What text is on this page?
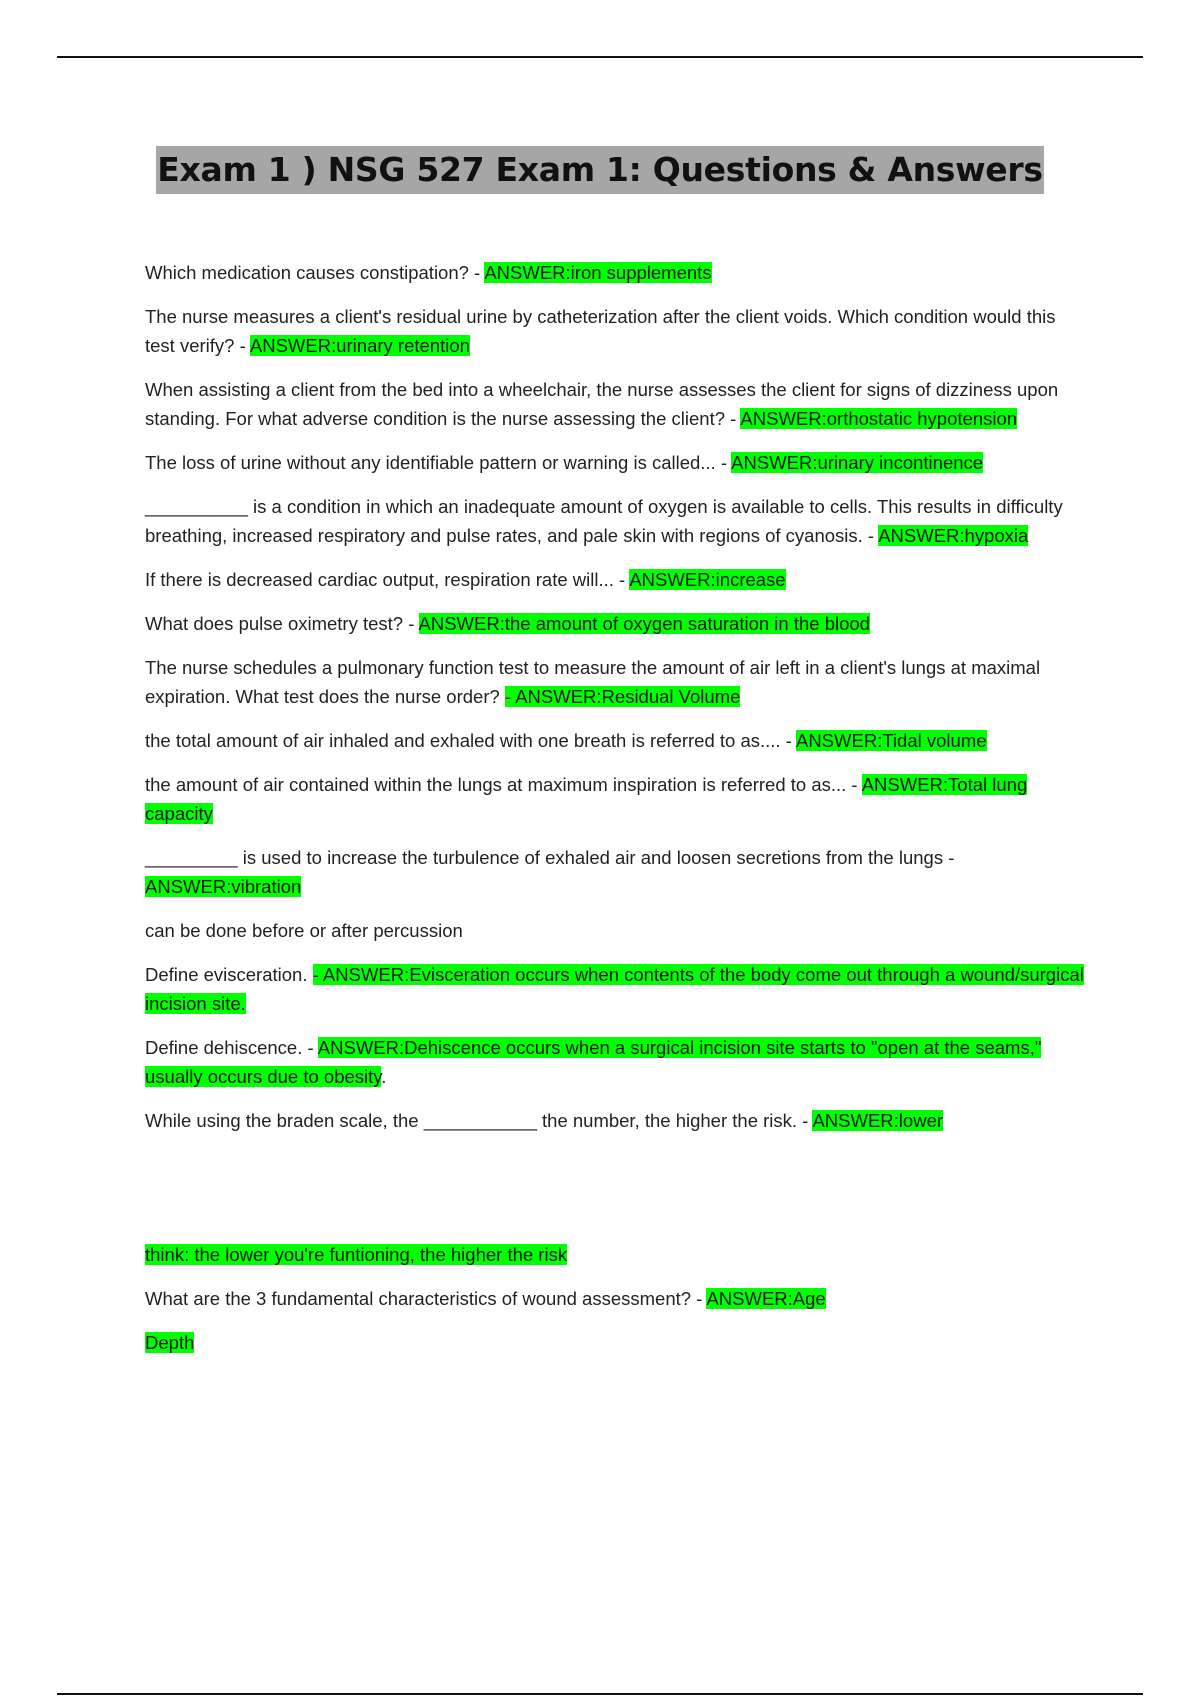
Exam 1 ) NSG 527 Exam 1: Questions & Answers

Which medication causes constipation? - ANSWER:iron supplements

The nurse measures a client's residual urine by catheterization after the client voids. Which condition would this test verify? - ANSWER:urinary retention

When assisting a client from the bed into a wheelchair, the nurse assesses the client for signs of dizziness upon standing. For what adverse condition is the nurse assessing the client? - ANSWER:orthostatic hypotension

The loss of urine without any identifiable pattern or warning is called... - ANSWER:urinary incontinence

__________ is a condition in which an inadequate amount of oxygen is available to cells. This results in difficulty breathing, increased respiratory and pulse rates, and pale skin with regions of cyanosis. - ANSWER:hypoxia

If there is decreased cardiac output, respiration rate will... - ANSWER:increase

What does pulse oximetry test? - ANSWER:the amount of oxygen saturation in the blood

The nurse schedules a pulmonary function test to measure the amount of air left in a client's lungs at maximal expiration. What test does the nurse order? - ANSWER:Residual Volume

the total amount of air inhaled and exhaled with one breath is referred to as.... - ANSWER:Tidal volume

the amount of air contained within the lungs at maximum inspiration is referred to as... - ANSWER:Total lung capacity

_________ is used to increase the turbulence of exhaled air and loosen secretions from the lungs - ANSWER:vibration

can be done before or after percussion

Define evisceration. - ANSWER:Evisceration occurs when contents of the body come out through a wound/surgical incision site.

Define dehiscence. - ANSWER:Dehiscence occurs when a surgical incision site starts to "open at the seams," usually occurs due to obesity.

While using the braden scale, the ___________ the number, the higher the risk. - ANSWER:lower

think: the lower you're funtioning, the higher the risk

What are the 3 fundamental characteristics of wound assessment? - ANSWER:Age

Depth
